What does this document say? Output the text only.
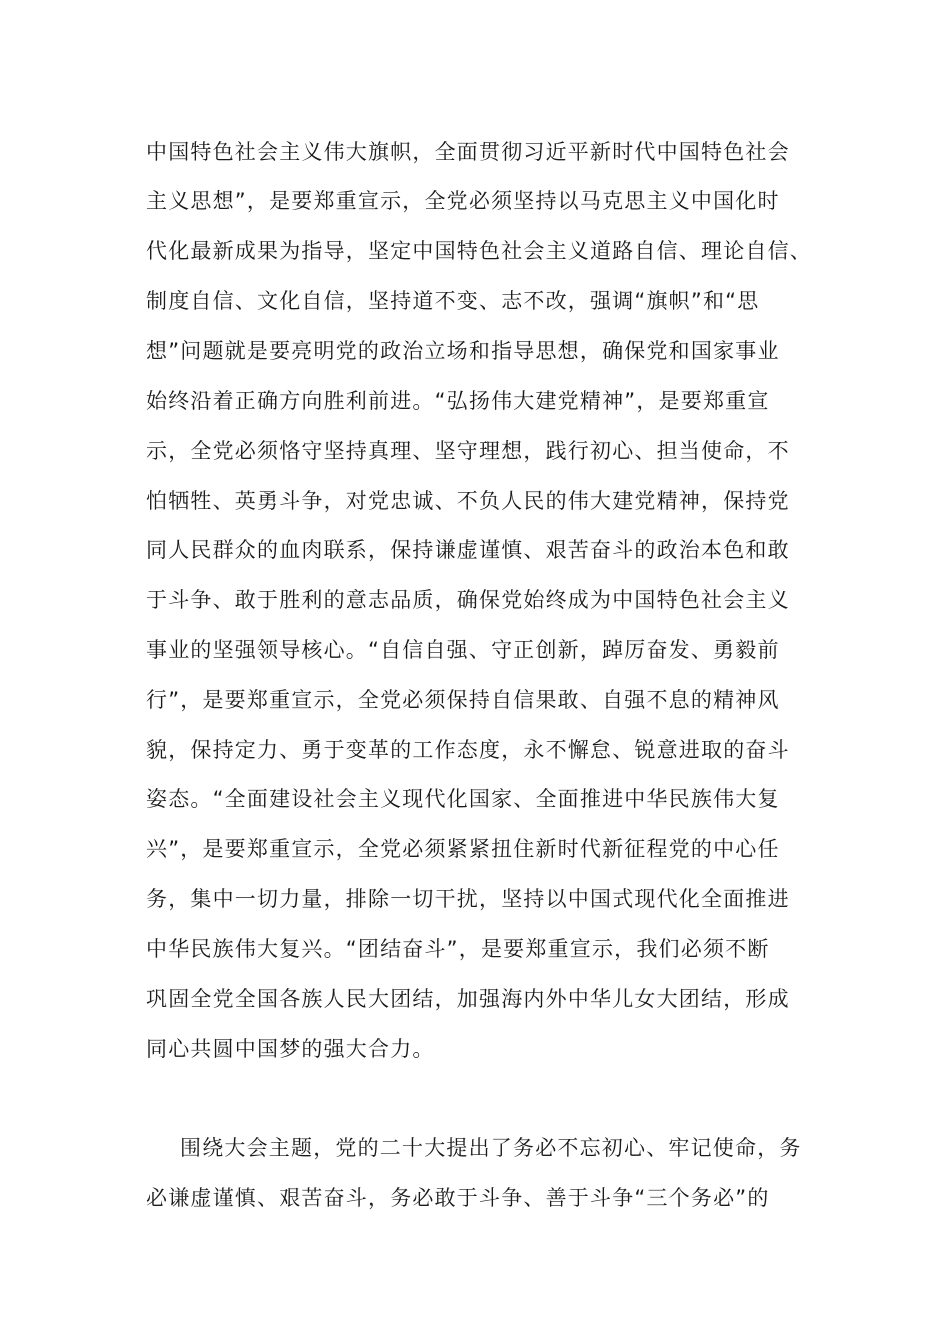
中国特色社会主义伟大旗帜，全面贯彻习近平新时代中国特色社会
主义思想”，是要郑重宣示，全党必须坚持以马克思主义中国化时
代化最新成果为指导，坚定中国特色社会主义道路自信、理论自信、
制度自信、文化自信，坚持道不变、志不改，强调“旗帜”和“思
想”问题就是要亮明党的政治立场和指导思想，确保党和国家事业
始终沿着正确方向胜利前进。“弘扬伟大建党精神”，是要郑重宣
示，全党必须恪守坚持真理、坚守理想，践行初心、担当使命，不
怕牺牲、英勇斗争，对党忠诚、不负人民的伟大建党精神，保持党
同人民群众的血肉联系，保持谦虚谨慎、艰苦奋斗的政治本色和敢
于斗争、敢于胜利的意志品质，确保党始终成为中国特色社会主义
事业的坚强领导核心。“自信自强、守正创新，踔厉奋发、勇毅前
行”，是要郑重宣示，全党必须保持自信果敢、自强不息的精神风
貌，保持定力、勇于变革的工作态度，永不懈怠、锐意进取的奋斗
姿态。“全面建设社会主义现代化国家、全面推进中华民族伟大复
兴”，是要郑重宣示，全党必须紧紧扭住新时代新征程党的中心任
务，集中一切力量，排除一切干扰，坚持以中国式现代化全面推进
中华民族伟大复兴。“团结奋斗”，是要郑重宣示，我们必须不断
巩固全党全国各族人民大团结，加强海内外中华儿女大团结，形成
同心共圆中国梦的强大合力。
围绕大会主题，党的二十大提出了务必不忘初心、牢记使命，务
必谦虚谨慎、艰苦奋斗，务必敢于斗争、善于斗争“三个务必”的
